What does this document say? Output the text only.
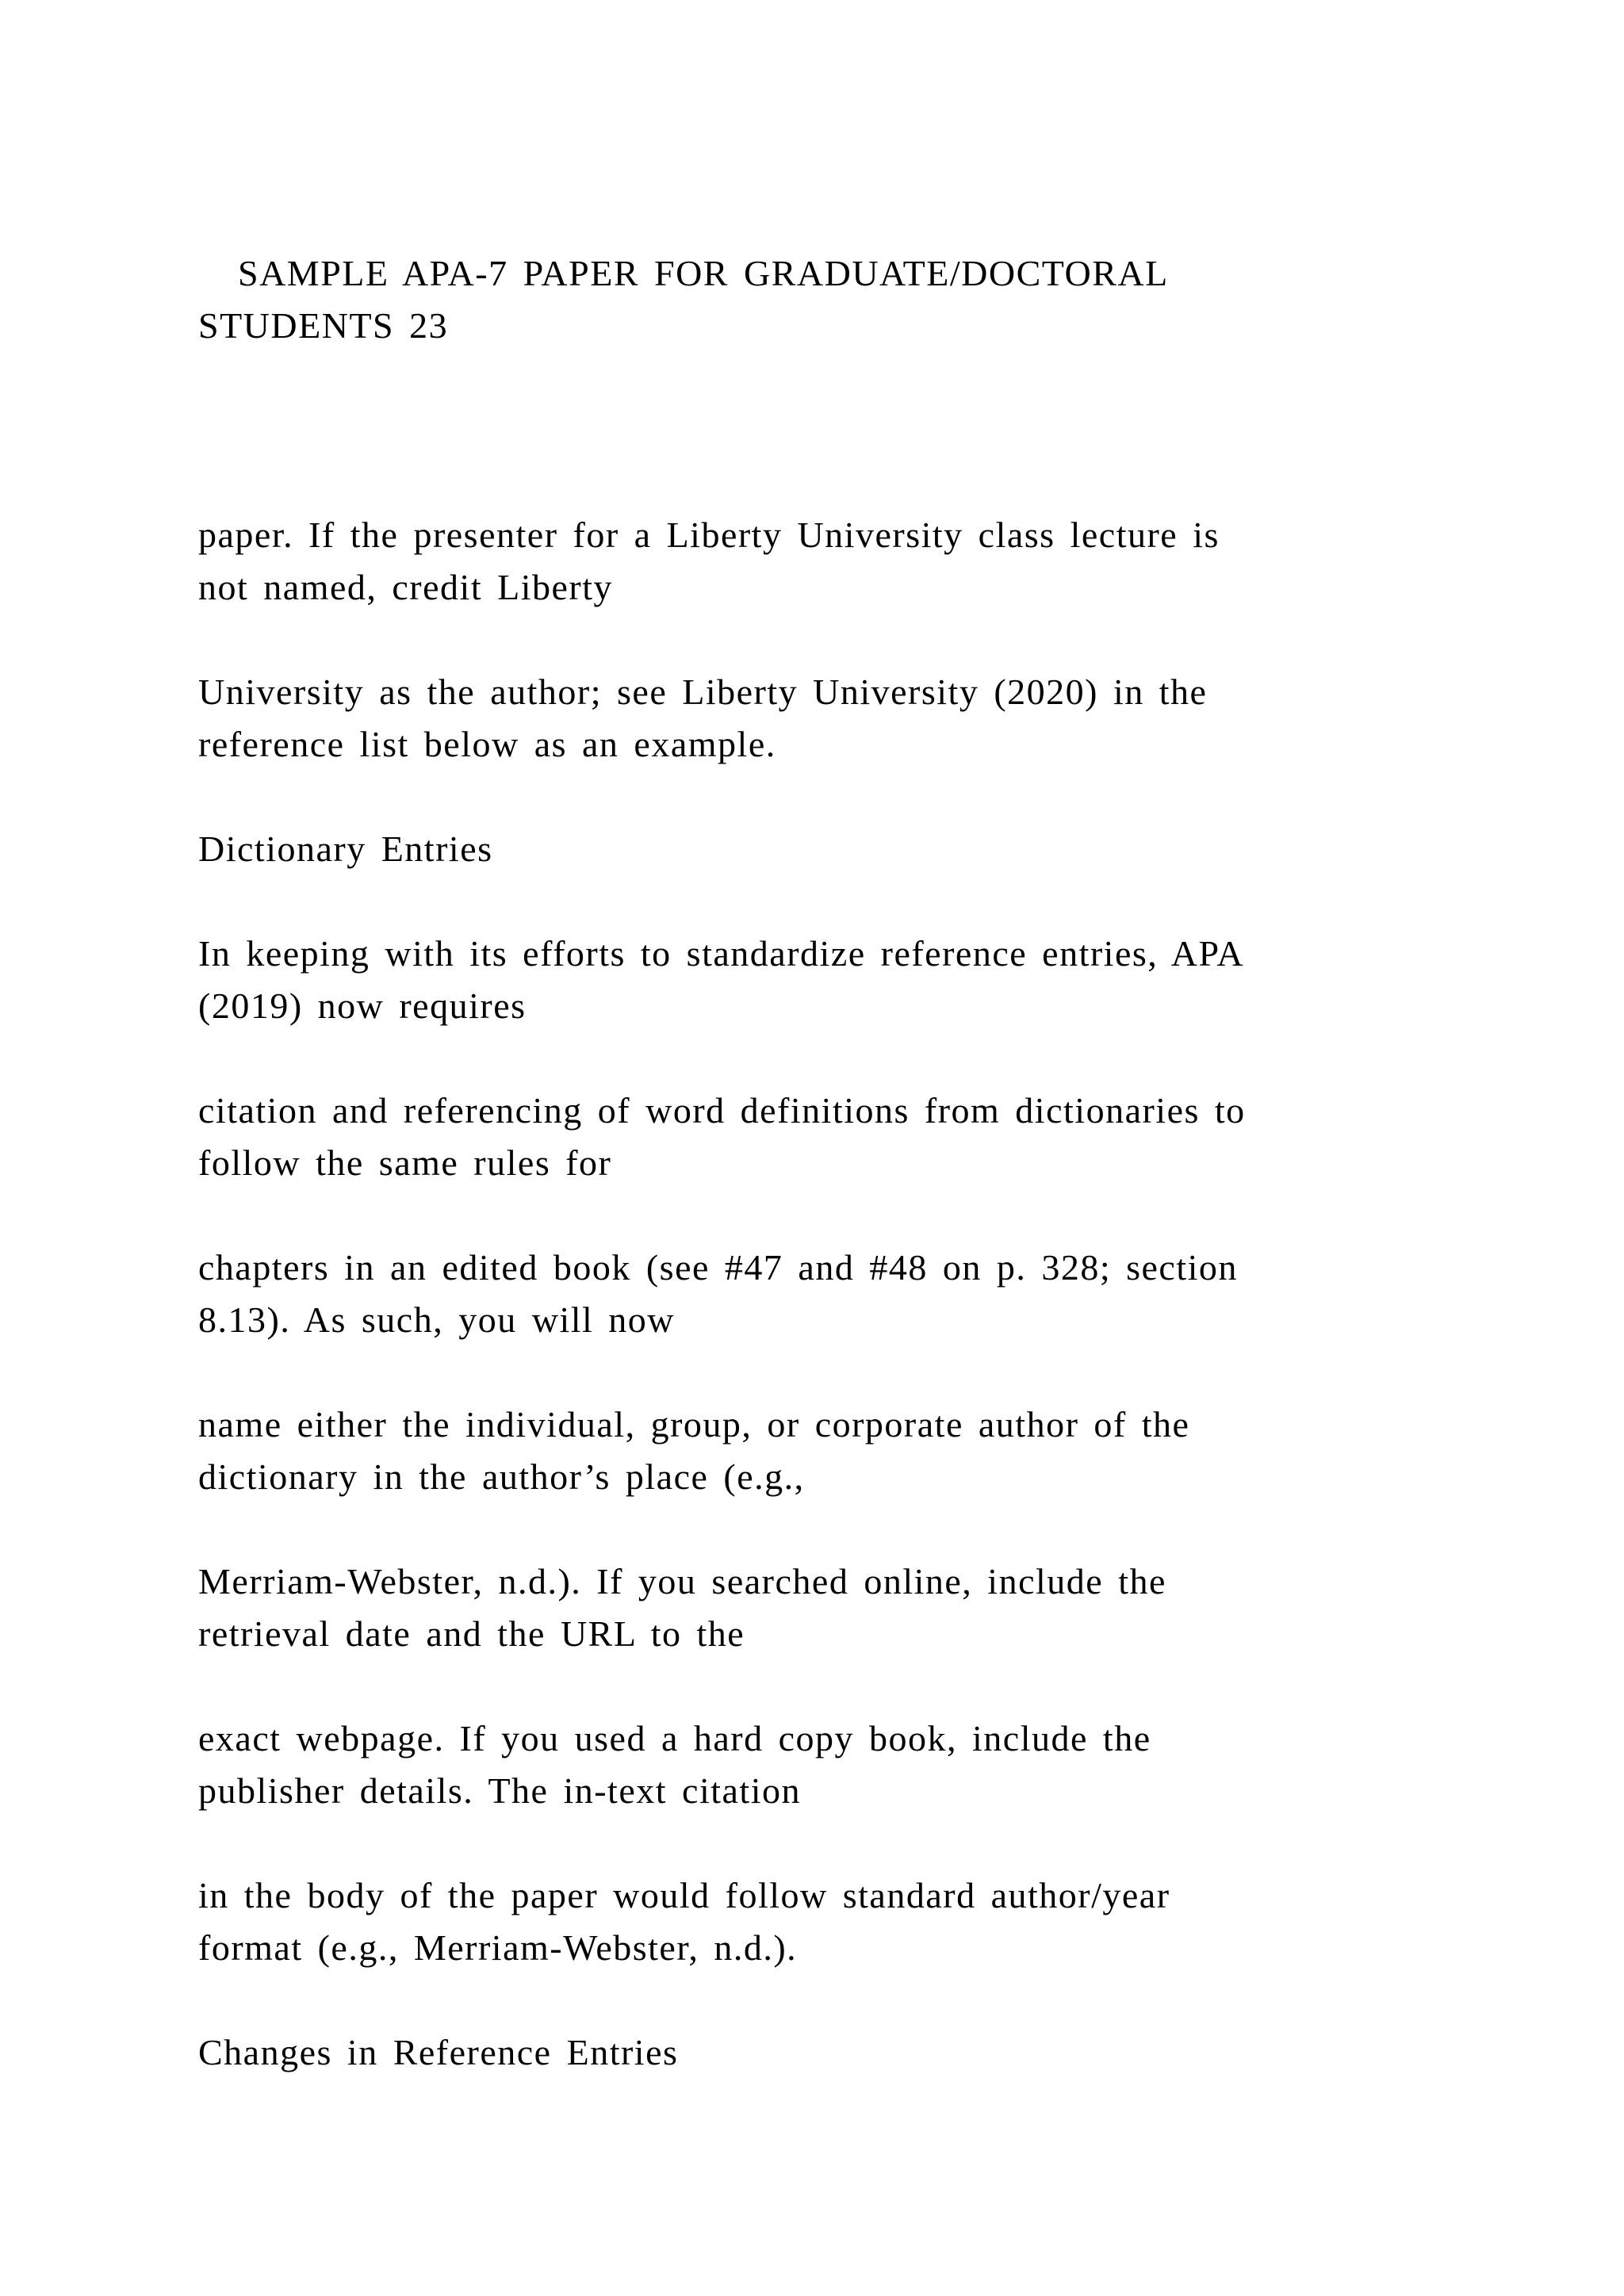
SAMPLE APA-7 PAPER FOR GRADUATE/DOCTORAL

STUDENTS 23

paper. If the presenter for a Liberty University class lecture is

not named, credit Liberty

University as the author; see Liberty University (2020) in the

reference list below as an example.

Dictionary Entries

In keeping with its efforts to standardize reference entries, APA

(2019) now requires

citation and referencing of word definitions from dictionaries to

follow the same rules for

chapters in an edited book (see #47 and #48 on p. 328; section

8.13). As such, you will now

name either the individual, group, or corporate author of the

dictionary in the author’s place (e.g.,

Merriam-Webster, n.d.). If you searched online, include the

retrieval date and the URL to the

exact webpage. If you used a hard copy book, include the

publisher details. The in-text citation

in the body of the paper would follow standard author/year

format (e.g., Merriam-Webster, n.d.).

Changes in Reference Entries
